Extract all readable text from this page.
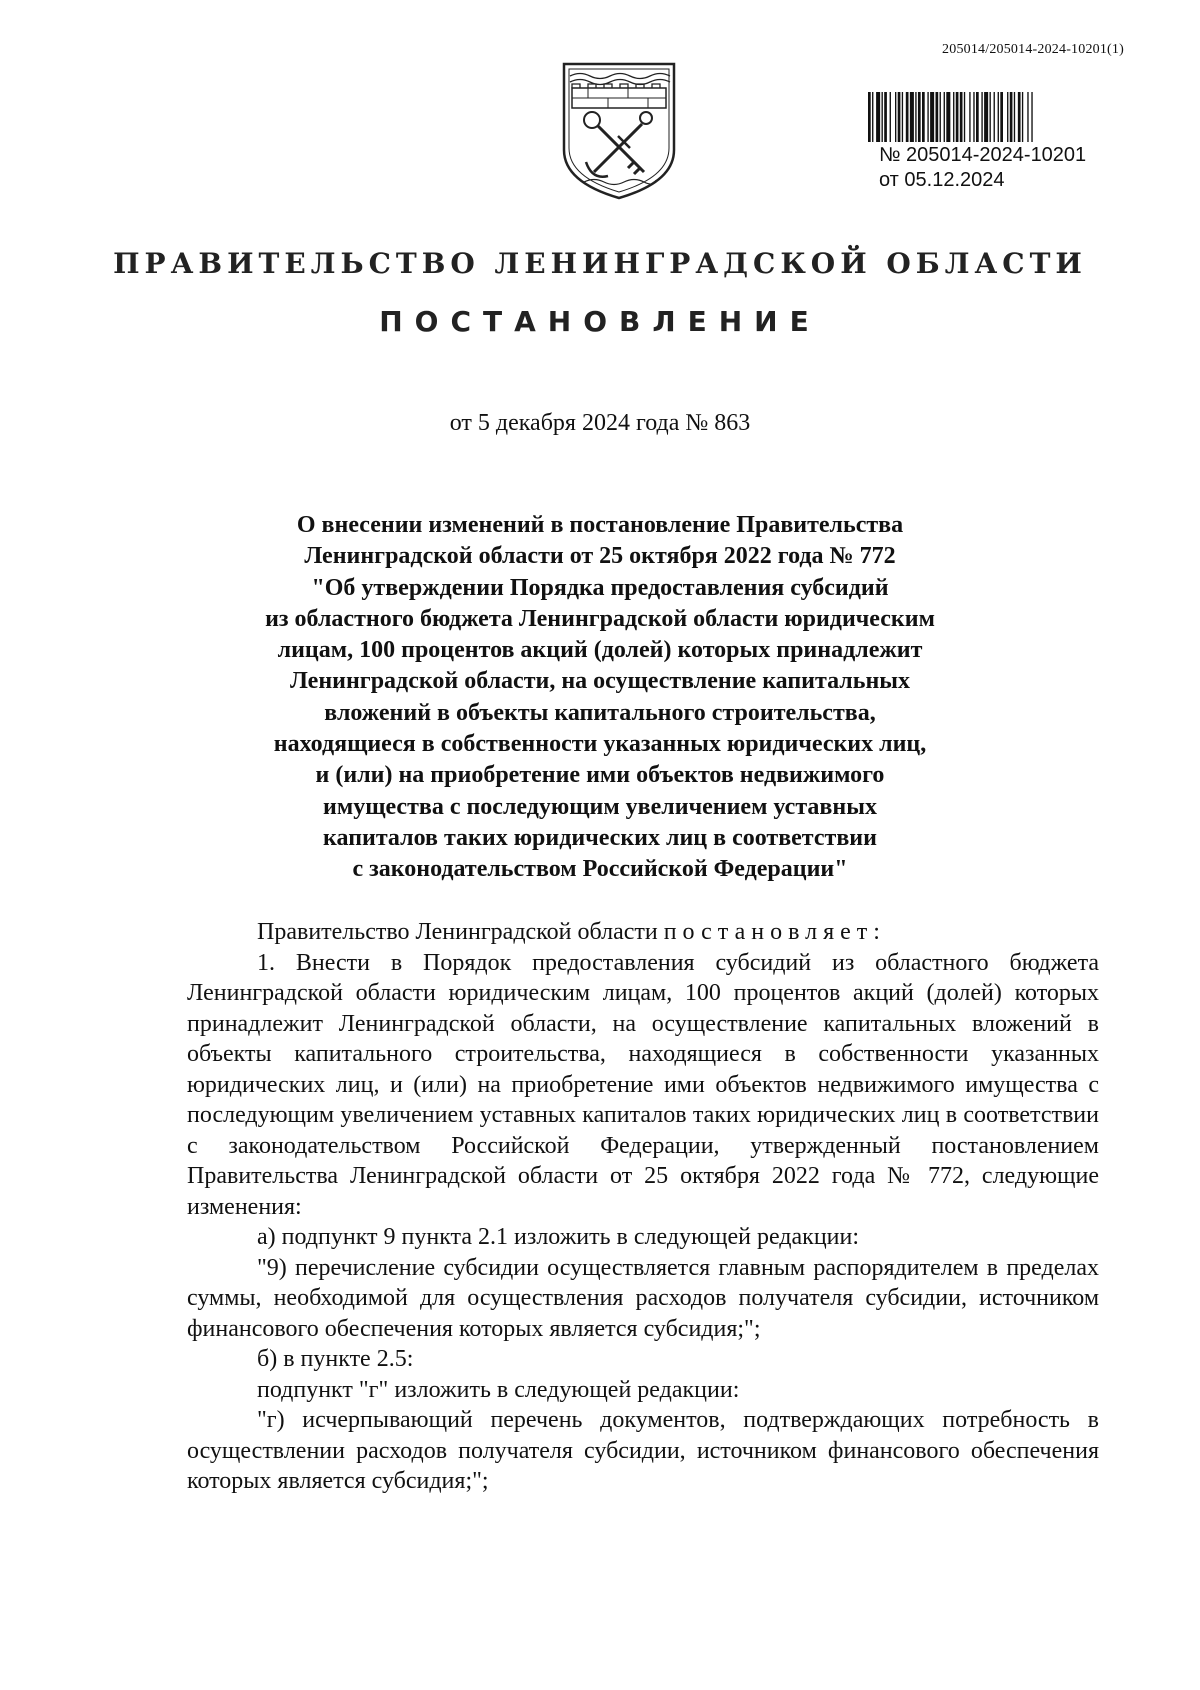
205014/205014-2024-10201(1)
№ 205014-2024-10201
от 05.12.2024
ПРАВИТЕЛЬСТВО ЛЕНИНГРАДСКОЙ ОБЛАСТИ
ПОСТАНОВЛЕНИЕ
от 5 декабря 2024 года № 863
О внесении изменений в постановление Правительства
Ленинградской области от 25 октября 2022 года № 772
"Об утверждении Порядка предоставления субсидий
из областного бюджета Ленинградской области юридическим
лицам, 100 процентов акций (долей) которых принадлежит
Ленинградской области, на осуществление капитальных
вложений в объекты капитального строительства,
находящиеся в собственности указанных юридических лиц,
и (или) на приобретение ими объектов недвижимого
имущества с последующим увеличением уставных
капиталов таких юридических лиц в соответствии
с законодательством Российской Федерации"

Правительство Ленинградской области постановляет:

1. Внести в Порядок предоставления субсидий из областного бюджета Ленинградской области юридическим лицам, 100 процентов акций (долей) которых принадлежит Ленинградской области, на осуществление капитальных вложений в объекты капитального строительства, находящиеся в собственности указанных юридических лиц, и (или) на приобретение ими объектов недвижимого имущества с последующим увеличением уставных капиталов таких юридических лиц в соответствии с законодательством Российской Федерации, утвержденный постановлением Правительства Ленинградской области от 25 октября 2022 года № 772, следующие изменения:

а) подпункт 9 пункта 2.1 изложить в следующей редакции:

"9) перечисление субсидии осуществляется главным распорядителем в пределах суммы, необходимой для осуществления расходов получателя субсидии, источником финансового обеспечения которых является субсидия;";

б) в пункте 2.5:

подпункт "г" изложить в следующей редакции:

"г) исчерпывающий перечень документов, подтверждающих потребность в осуществлении расходов получателя субсидии, источником финансового обеспечения которых является субсидия;";
